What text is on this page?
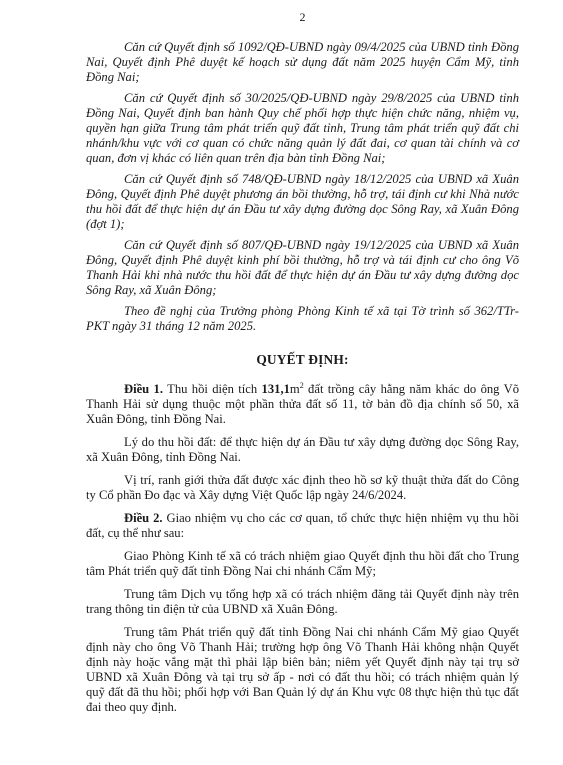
2

Căn cứ Quyết định số 1092/QĐ-UBND ngày 09/4/2025 của UBND tỉnh Đồng Nai, Quyết định Phê duyệt kế hoạch sử dụng đất năm 2025 huyện Cẩm Mỹ, tỉnh Đồng Nai;

Căn cứ Quyết định số 30/2025/QĐ-UBND ngày 29/8/2025 của UBND tỉnh Đồng Nai, Quyết định ban hành Quy chế phối hợp thực hiện chức năng, nhiệm vụ, quyền hạn giữa Trung tâm phát triển quỹ đất tỉnh, Trung tâm phát triển quỹ đất chi nhánh/khu vực với cơ quan có chức năng quản lý đất đai, cơ quan tài chính và cơ quan, đơn vị khác có liên quan trên địa bàn tỉnh Đồng Nai;

Căn cứ Quyết định số 748/QĐ-UBND ngày 18/12/2025 của UBND xã Xuân Đông, Quyết định Phê duyệt phương án bồi thường, hỗ trợ, tái định cư khi Nhà nước thu hồi đất để thực hiện dự án Đầu tư xây dựng đường dọc Sông Ray, xã Xuân Đông (đợt 1);

Căn cứ Quyết định số 807/QĐ-UBND ngày 19/12/2025 của UBND xã Xuân Đông, Quyết định Phê duyệt kinh phí bồi thường, hỗ trợ và tái định cư cho ông Võ Thanh Hải khi nhà nước thu hồi đất để thực hiện dự án Đầu tư xây dựng đường dọc Sông Ray, xã Xuân Đông;

Theo đề nghị của Trưởng phòng Phòng Kinh tế xã tại Tờ trình số 362/TTr-PKT ngày 31 tháng 12 năm 2025.

QUYẾT ĐỊNH:

Điều 1. Thu hồi diện tích $131,1m^2$ đất trồng cây hằng năm khác do ông Võ Thanh Hải sử dụng thuộc một phần thửa đất số 11, tờ bản đồ địa chính số 50, xã Xuân Đông, tỉnh Đồng Nai.

Lý do thu hồi đất: để thực hiện dự án Đầu tư xây dựng đường dọc Sông Ray, xã Xuân Đông, tỉnh Đồng Nai.

Vị trí, ranh giới thửa đất được xác định theo hồ sơ kỹ thuật thửa đất do Công ty Cổ phần Đo đạc và Xây dựng Việt Quốc lập ngày 24/6/2024.

Điều 2. Giao nhiệm vụ cho các cơ quan, tổ chức thực hiện nhiệm vụ thu hồi đất, cụ thể như sau:

Giao Phòng Kinh tế xã có trách nhiệm giao Quyết định thu hồi đất cho Trung tâm Phát triển quỹ đất tỉnh Đồng Nai chi nhánh Cẩm Mỹ;

Trung tâm Dịch vụ tổng hợp xã có trách nhiệm đăng tải Quyết định này trên trang thông tin điện tử của UBND xã Xuân Đông.

Trung tâm Phát triển quỹ đất tỉnh Đồng Nai chi nhánh Cẩm Mỹ giao Quyết định này cho ông Võ Thanh Hải; trường hợp ông Võ Thanh Hải không nhận Quyết định này hoặc vắng mặt thì phải lập biên bản; niêm yết Quyết định này tại trụ sở UBND xã Xuân Đông và tại trụ sở ấp - nơi có đất thu hồi; có trách nhiệm quản lý quỹ đất đã thu hồi; phối hợp với Ban Quản lý dự án Khu vực 08 thực hiện thủ tục đất đai theo quy định.
